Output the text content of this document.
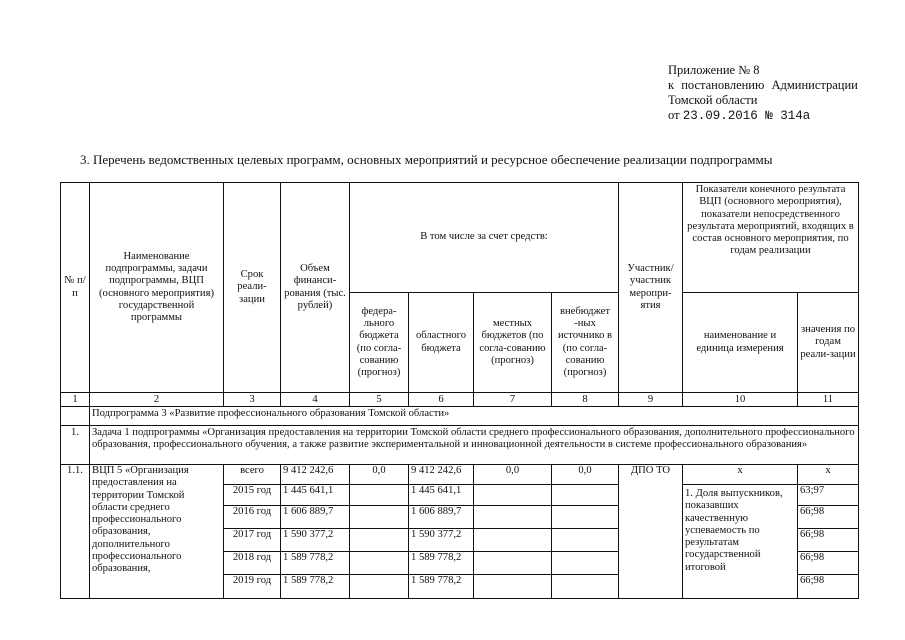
Приложение № 8
к постановлению Администрации
Томской области
от 23.09.2016 № 314а
3. Перечень ведомственных целевых программ, основных мероприятий и ресурсное обеспечение реализации подпрограммы
№ п/п	Наименование подпрограммы, задачи подпрограммы, ВЦП (основного мероприятия) государственной программы	Срок реали-зации	Объем финанси-рования (тыс. рублей)	В том числе за счет средств:				Участник/ участник меропри-ятия	Показатели конечного результата ВЦП (основного мероприятия), показатели непосредственного результата мероприятий, входящих в состав основного мероприятия, по годам реализации	
				федера-льного бюджета (по согла-сованию (прогноз)	областного бюджета	местных бюджетов (по согла-сованию (прогноз)	внебюджет -ных источнико в (по согла-сованию (прогноз)		наименование и единица измерения	значения по годам реали-зации
1	2	3	4	5	6	7	8	9	10	11
	Подпрограмма 3 «Развитие профессионального образования Томской области»									
1.	Задача 1 подпрограммы «Организация предоставления на территории Томской области среднего профессионального образования, дополнительного профессионального образования, профессионального обучения, а также развитие экспериментальной и инновационной деятельности в системе профессионального образования»									
1.1.	ВЦП 5 «Организация предоставления на территории Томской области среднего профессионального образования, дополнительного профессионального образования,	всего	9 412 242,6	0,0	9 412 242,6	0,0	0,0	ДПО ТО	x	x
		2015 год	1 445 641,1		1 445 641,1				1. Доля выпускников, показавших качественную успеваемость по результатам государственной итоговой	63;97
		2016 год	1 606 889,7		1 606 889,7					66;98
		2017 год	1 590 377,2		1 590 377,2					66;98
		2018 год	1 589 778,2		1 589 778,2					66;98
		2019 год	1 589 778,2		1 589 778,2					66;98
